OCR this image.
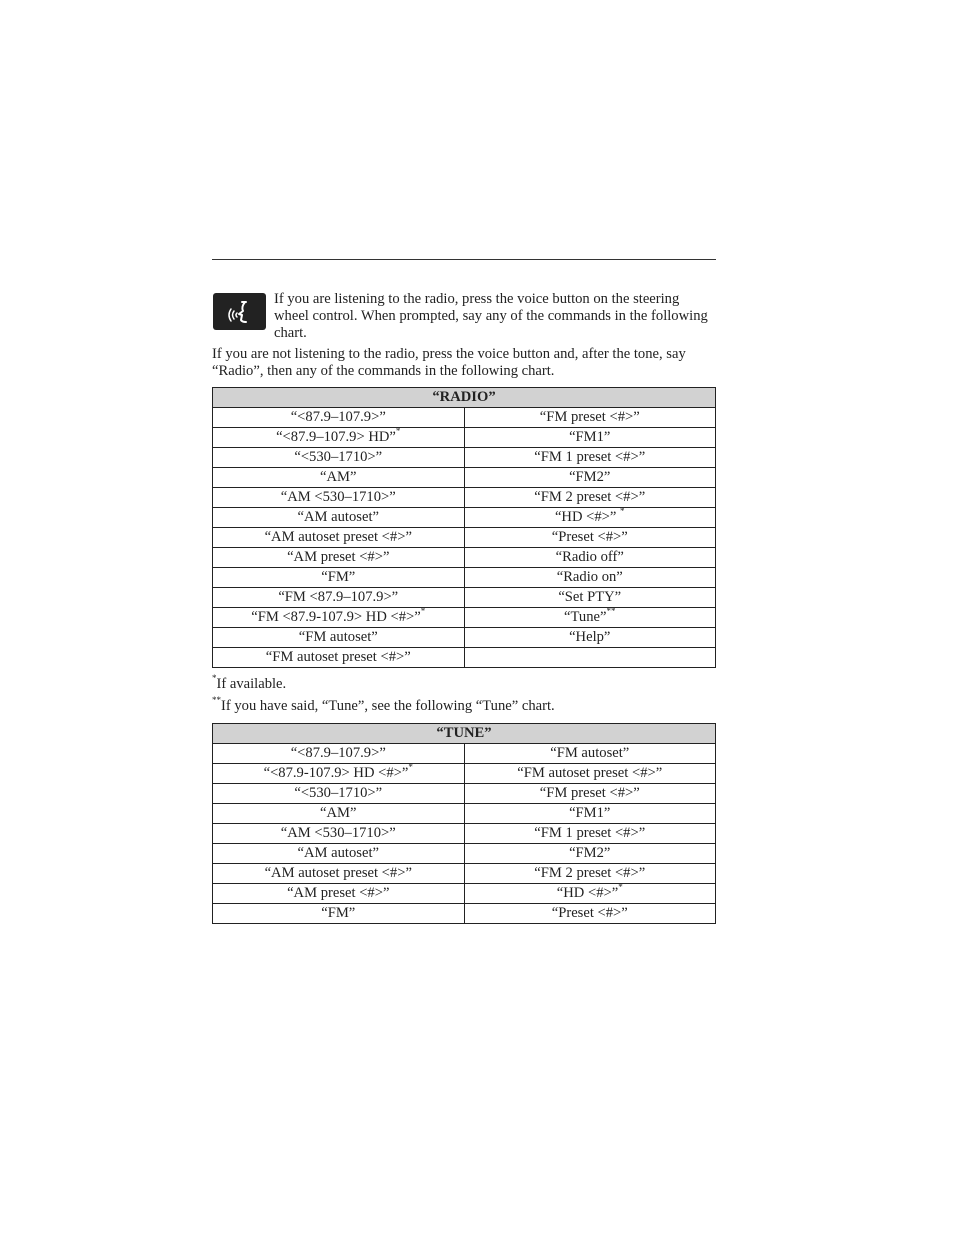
If you are listening to the radio, press the voice button on the steering wheel control. When prompted, say any of the commands in the following chart.
If you are not listening to the radio, press the voice button and, after the tone, say “Radio”, then any of the commands in the following chart.
“RADIO”	
“<87.9–107.9>”	“FM preset <#>”
“<87.9–107.9> HD”*	“FM1”
“<530–1710>”	“FM 1 preset <#>”
“AM”	“FM2”
“AM <530–1710>”	“FM 2 preset <#>”
“AM autoset”	“HD <#>” *
“AM autoset preset <#>”	“Preset <#>”
“AM preset <#>”	“Radio off”
“FM”	“Radio on”
“FM <87.9–107.9>”	“Set PTY”
“FM <87.9-107.9> HD <#>”*	“Tune”**
“FM autoset”	“Help”
“FM autoset preset <#>”	
*If available.
**If you have said, “Tune”, see the following “Tune” chart.
“TUNE”	
“<87.9–107.9>”	“FM autoset”
“<87.9-107.9> HD <#>”*	“FM autoset preset <#>”
“<530–1710>”	“FM preset <#>”
“AM”	“FM1”
“AM <530–1710>”	“FM 1 preset <#>”
“AM autoset”	“FM2”
“AM autoset preset <#>”	“FM 2 preset <#>”
“AM preset <#>”	“HD <#>”*
“FM”	“Preset <#>”
